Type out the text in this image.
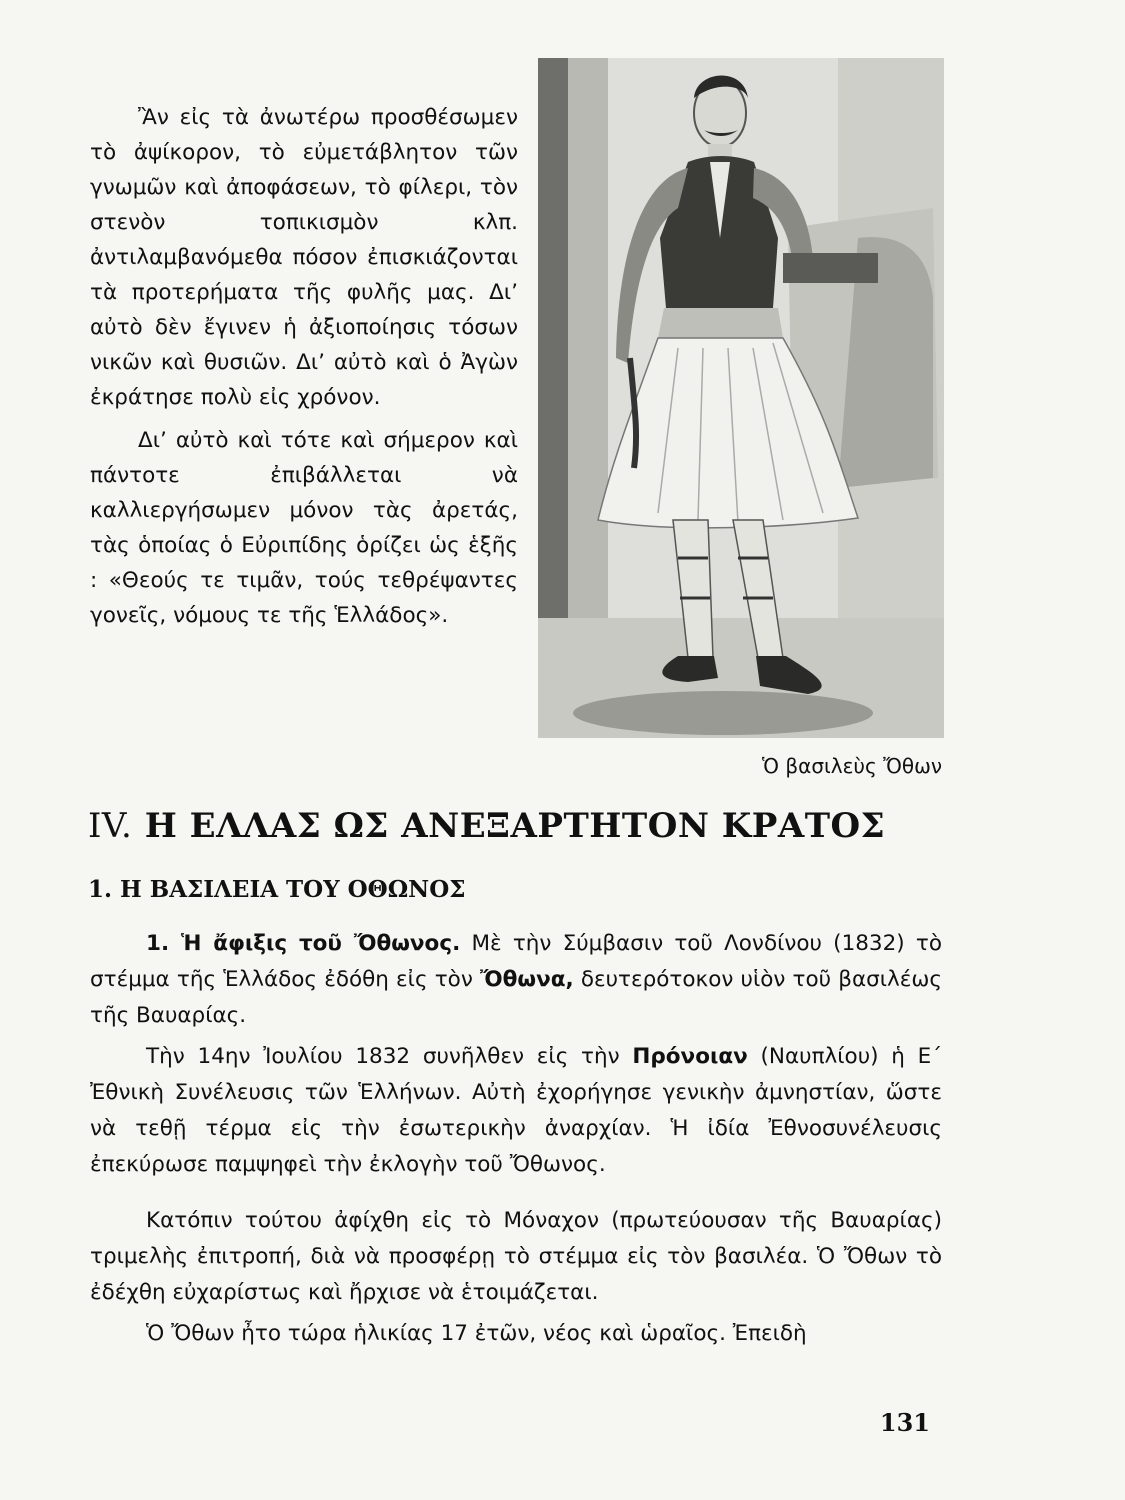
Ἂν εἰς τὰ ἀνωτέρω προσθέσωμεν τὸ ἀψίκορον, τὸ εὐμετάβλητον τῶν γνωμῶν καὶ ἀποφάσεων, τὸ φίλερι, τὸν στενὸν τοπικισμὸν κλπ. ἀντιλαμβανόμεθα πόσον ἐπισκιάζονται τὰ προτερήματα τῆς φυλῆς μας. Δι’ αὐτὸ δὲν ἔγινεν ἡ ἀξιοποίησις τόσων νικῶν καὶ θυσιῶν. Δι’ αὐτὸ καὶ ὁ Ἀγὼν ἐκράτησε πολὺ εἰς χρόνον.

Δι’ αὐτὸ καὶ τότε καὶ σήμερον καὶ πάντοτε ἐπιβάλλεται νὰ καλλιεργήσωμεν μόνον τὰς ἀρετάς, τὰς ὁποίας ὁ Εὐριπίδης ὁρίζει ὡς ἑξῆς : «Θεούς τε τιμᾶν, τούς τεθρέψαντες γονεῖς, νόμους τε τῆς Ἑλλάδος».

Ὁ βασιλεὺς Ὄθων
IV. Η ΕΛΛΑΣ ΩΣ ΑΝΕΞΑΡΤΗΤΟΝ ΚΡΑΤΟΣ
1. Η ΒΑΣΙΛΕΙΑ ΤΟΥ ΟΘΩΝΟΣ

1. Ἡ ἄφιξις τοῦ Ὄθωνος. Μὲ τὴν Σύμβασιν τοῦ Λονδίνου (1832) τὸ στέμμα τῆς Ἑλλάδος ἐδόθη εἰς τὸν Ὄθωνα, δευτερότοκον υἱὸν τοῦ βασιλέως τῆς Βαυαρίας.

Τὴν 14ην Ἰουλίου 1832 συνῆλθεν εἰς τὴν Πρόνοιαν (Ναυπλίου) ἡ Ε΄ Ἐθνικὴ Συνέλευσις τῶν Ἑλλήνων. Αὐτὴ ἐχορήγησε γενικὴν ἀμνηστίαν, ὥστε νὰ τεθῇ τέρμα εἰς τὴν ἐσωτερικὴν ἀναρχίαν. Ἡ ἰδία Ἐθνοσυνέλευσις ἐπεκύρωσε παμψηφεὶ τὴν ἐκλογὴν τοῦ Ὄθωνος.

Κατόπιν τούτου ἀφίχθη εἰς τὸ Μόναχον (πρωτεύουσαν τῆς Βαυαρίας) τριμελὴς ἐπιτροπή, διὰ νὰ προσφέρῃ τὸ στέμμα εἰς τὸν βασιλέα. Ὁ Ὄθων τὸ ἐδέχθη εὐχαρίστως καὶ ἤρχισε νὰ ἑτοιμάζεται.

Ὁ Ὄθων ἦτο τώρα ἡλικίας 17 ἐτῶν, νέος καὶ ὡραῖος. Ἐπειδὴ

131
